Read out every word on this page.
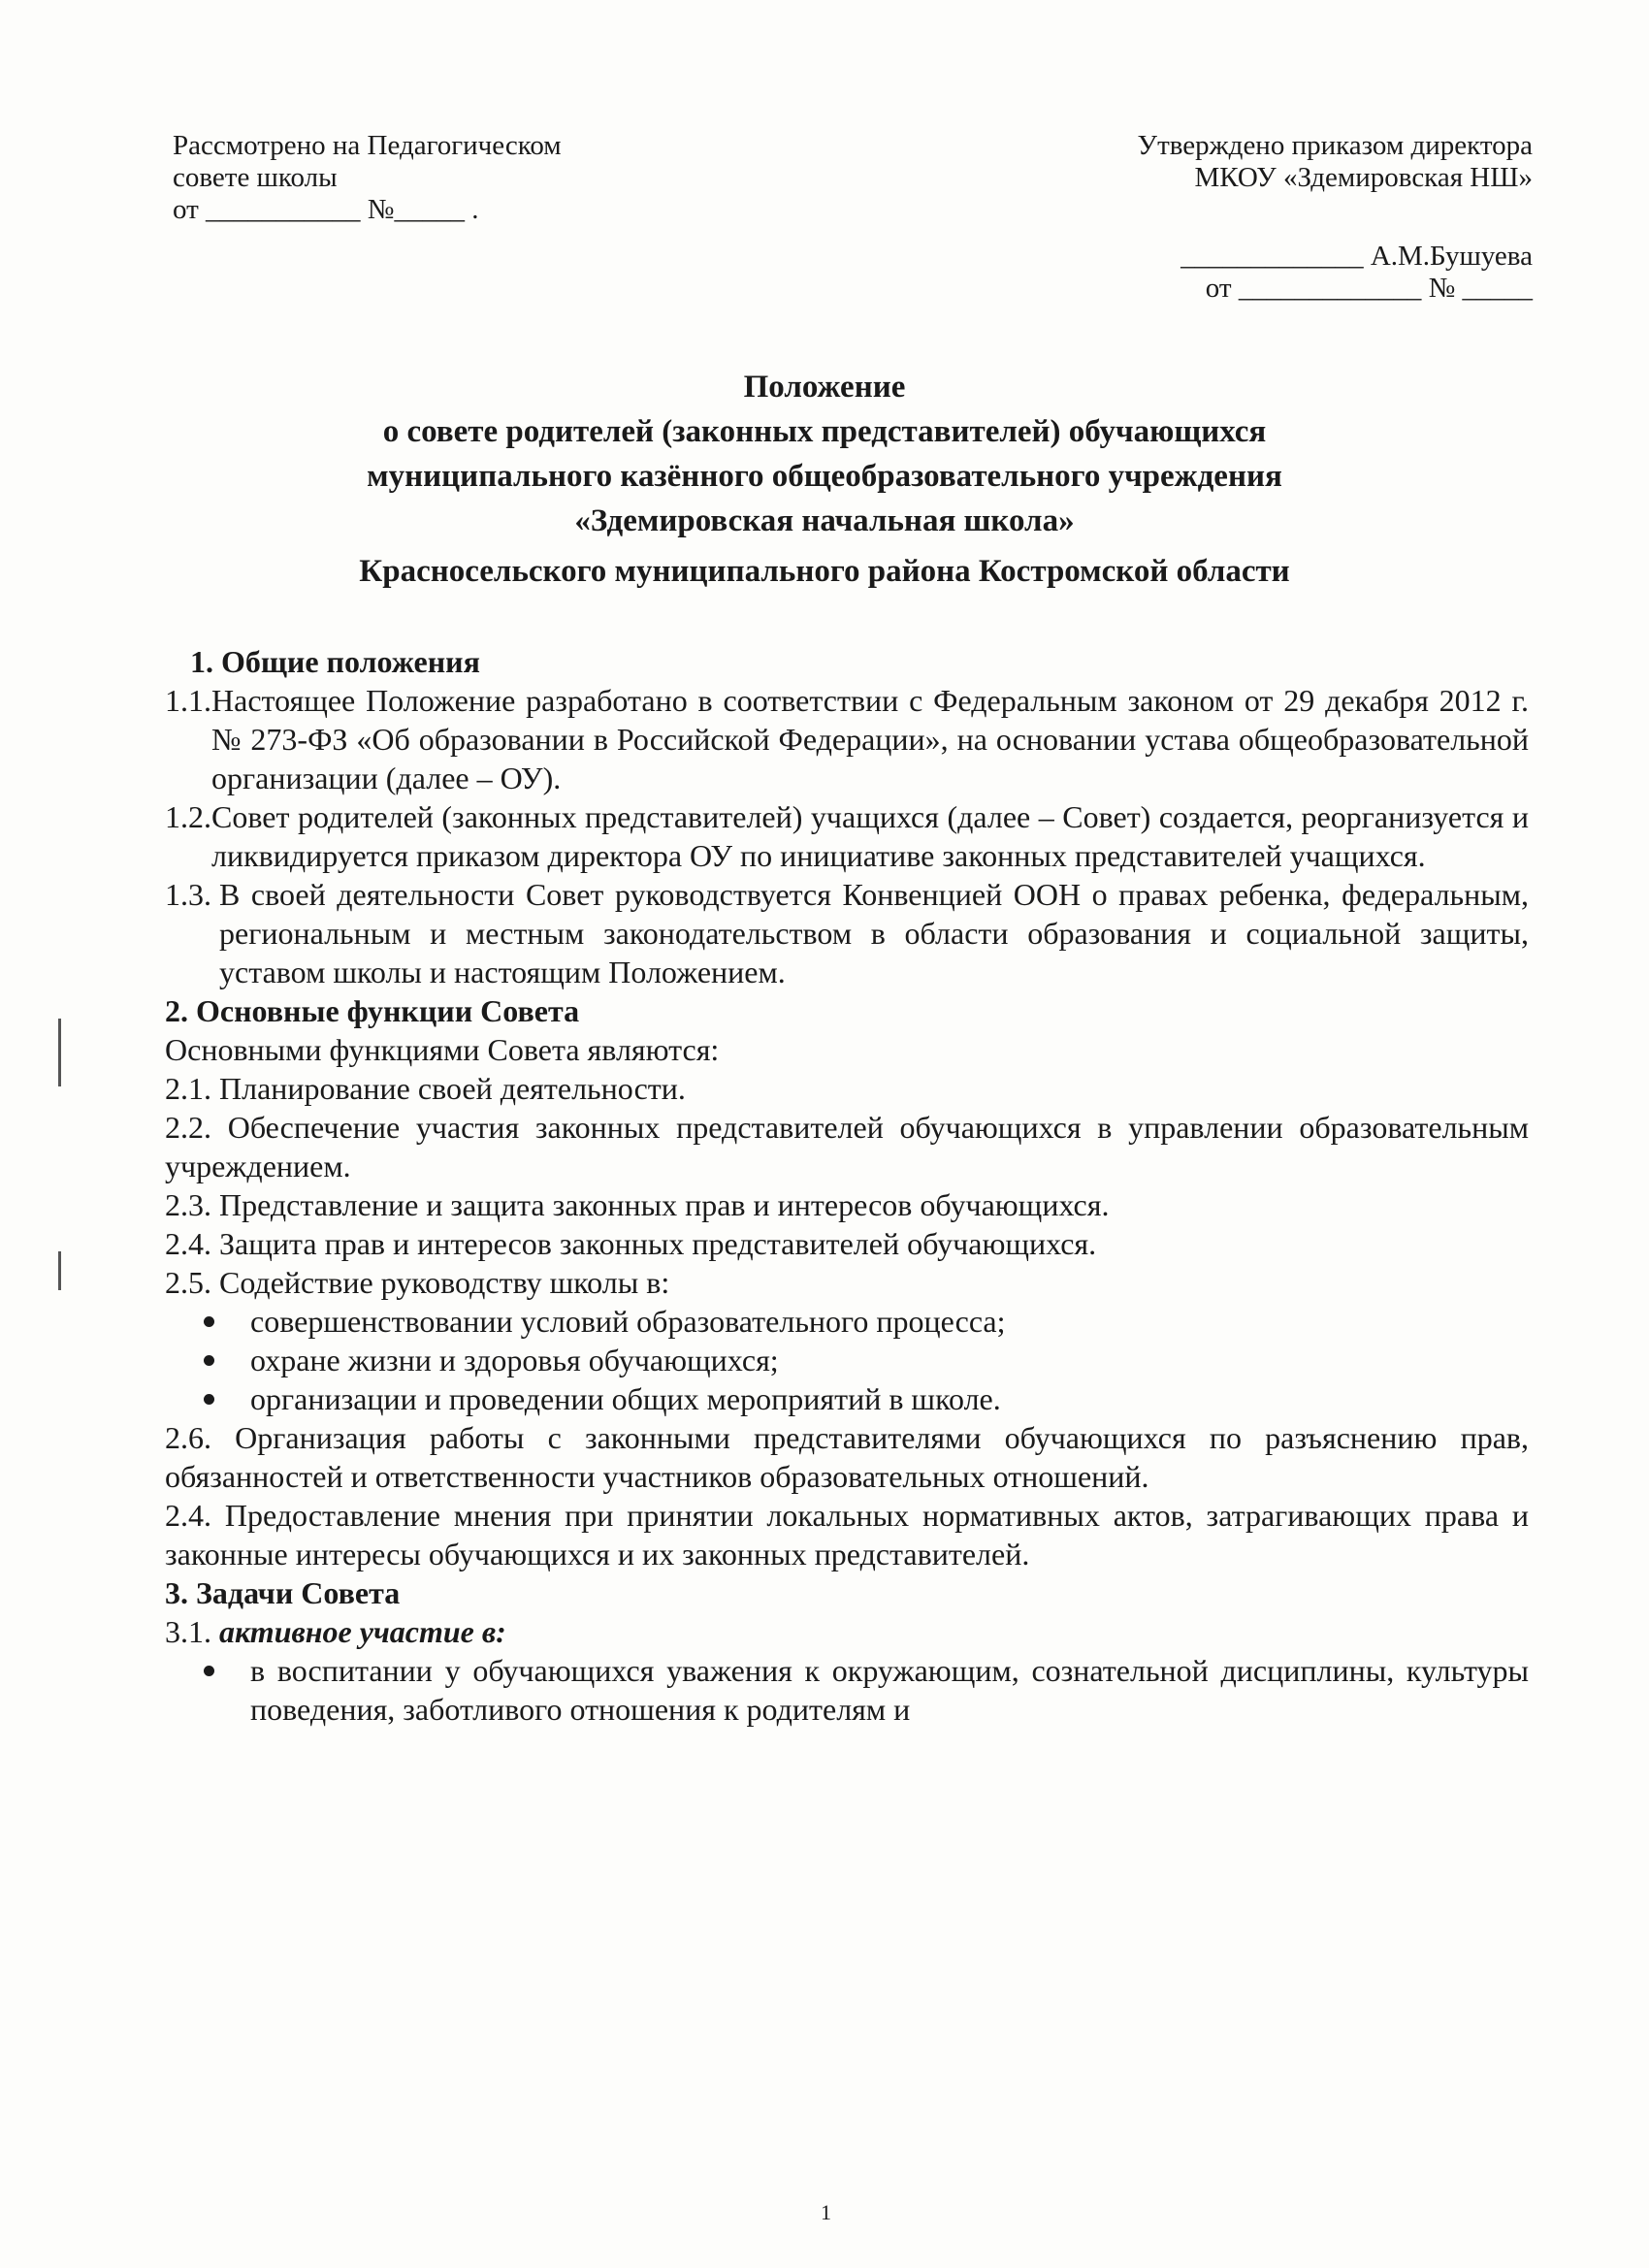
Рассмотрено на Педагогическом
совете школы
от ___________ №_____ .
Утверждено приказом директора
МКОУ «Здемировская НШ»
_____________ А.М.Бушуева
от _____________ № _____
Положение
о совете родителей (законных представителей) обучающихся
муниципального казённого общеобразовательного учреждения
«Здемировская начальная школа»
Красносельского муниципального района Костромской области

1. Общие положения

1.1. Настоящее Положение разработано в соответствии с Федеральным законом от 29 декабря 2012 г. № 273-ФЗ «Об образовании в Российской Федерации», на основании устава общеобразовательной организации (далее – ОУ).
1.2. Совет родителей (законных представителей) учащихся (далее – Совет) создается, реорганизуется и ликвидируется приказом директора ОУ по инициативе законных представителей учащихся.
1.3. В своей деятельности Совет руководствуется Конвенцией ООН о правах ребенка, федеральным, региональным и местным законодательством в области образования и социальной защиты, уставом школы и настоящим Положением.

2. Основные функции Совета

Основными функциями Совета являются:

2.1. Планирование своей деятельности.

2.2. Обеспечение участия законных представителей обучающихся в управлении образовательным учреждением.

2.3. Представление и защита законных прав и интересов обучающихся.

2.4. Защита прав и интересов законных представителей обучающихся.

2.5. Содействие руководству школы в:

совершенствовании условий образовательного процесса;
охране жизни и здоровья обучающихся;
организации и проведении общих мероприятий в школе.

2.6. Организация работы с законными представителями обучающихся по разъяснению прав, обязанностей и ответственности участников образовательных отношений.

2.4. Предоставление мнения при принятии локальных нормативных актов, затрагивающих права и законные интересы обучающихся и их законных представителей.

3. Задачи Совета

3.1. активное участие в:

в воспитании у обучающихся уважения к окружающим, сознательной дисциплины, культуры поведения, заботливого отношения к родителям и
1
